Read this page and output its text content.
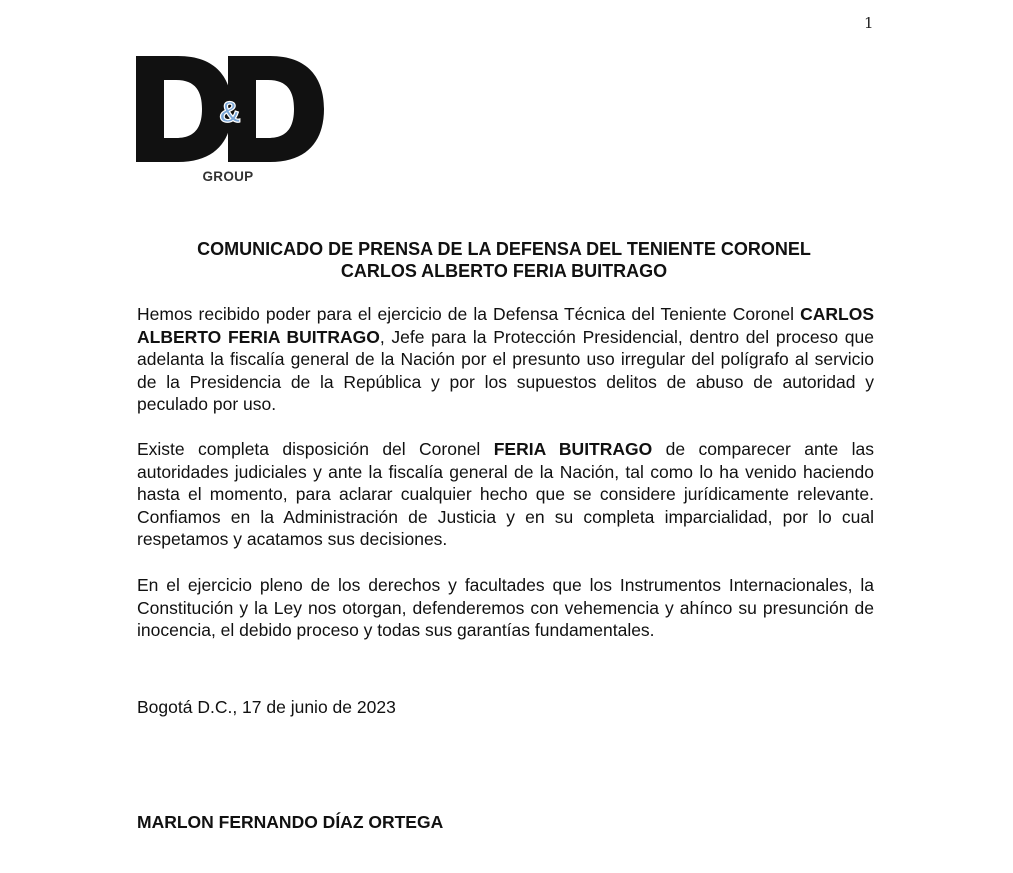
1
&
GROUP
COMUNICADO DE PRENSA DE LA DEFENSA DEL TENIENTE CORONEL
CARLOS ALBERTO FERIA BUITRAGO
Hemos recibido poder para el ejercicio de la Defensa Técnica del Teniente Coronel CARLOS ALBERTO FERIA BUITRAGO, Jefe para la Protección Presidencial, dentro del proceso que adelanta la fiscalía general de la Nación por el presunto uso irregular del polígrafo al servicio de la Presidencia de la República y por los supuestos delitos de abuso de autoridad y peculado por uso.
Existe completa disposición del Coronel FERIA BUITRAGO de comparecer ante las autoridades judiciales y ante la fiscalía general de la Nación, tal como lo ha venido haciendo hasta el momento, para aclarar cualquier hecho que se considere jurídicamente relevante. Confiamos en la Administración de Justicia y en su completa imparcialidad, por lo cual respetamos y acatamos sus decisiones.
En el ejercicio pleno de los derechos y facultades que los Instrumentos Internacionales, la Constitución y la Ley nos otorgan, defenderemos con vehemencia y ahínco su presunción de inocencia, el debido proceso y todas sus garantías fundamentales.
Bogotá D.C., 17 de junio de 2023
MARLON FERNANDO DÍAZ ORTEGA
